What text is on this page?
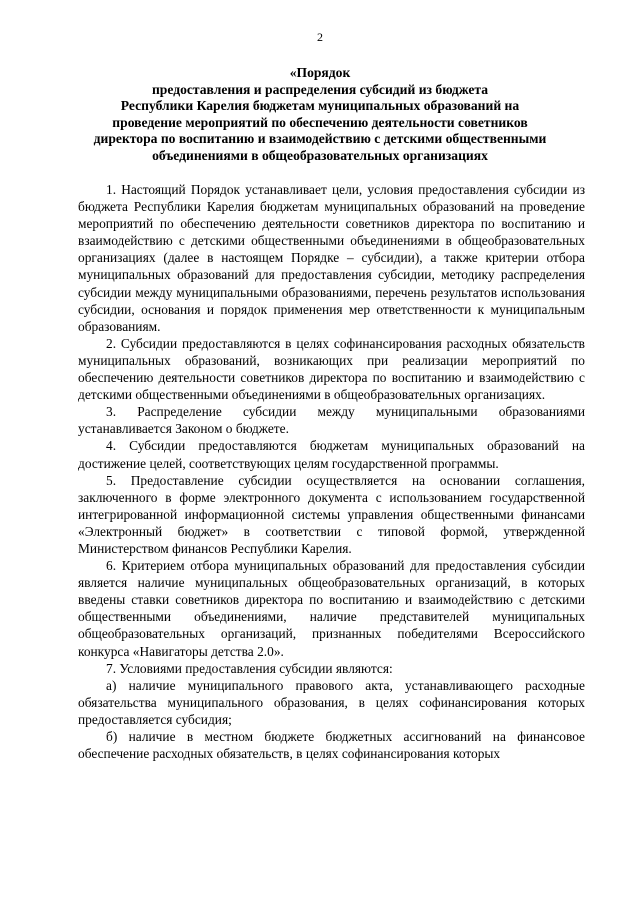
2
«Порядок
предоставления и распределения субсидий из бюджета
Республики Карелия бюджетам муниципальных образований на
проведение мероприятий по обеспечению деятельности советников
директора по воспитанию и взаимодействию с детскими общественными
объединениями в общеобразовательных организациях

1. Настоящий Порядок устанавливает цели, условия предоставления субсидии из бюджета Республики Карелия бюджетам муниципальных образований на проведение мероприятий по обеспечению деятельности советников директора по воспитанию и взаимодействию с детскими общественными объединениями в общеобразовательных организациях (далее в настоящем Порядке – субсидии), а также критерии отбора муниципальных образований для предоставления субсидии, методику распределения субсидии между муниципальными образованиями, перечень результатов использования субсидии, основания и порядок применения мер ответственности к муниципальным образованиям.

2. Субсидии предоставляются в целях софинансирования расходных обязательств муниципальных образований, возникающих при реализации мероприятий по обеспечению деятельности советников директора по воспитанию и взаимодействию с детскими общественными объединениями в общеобразовательных организациях.

3. Распределение субсидии между муниципальными образованиями устанавливается Законом о бюджете.

4. Субсидии предоставляются бюджетам муниципальных образований на достижение целей, соответствующих целям государственной программы.

5. Предоставление субсидии осуществляется на основании соглашения, заключенного в форме электронного документа с использованием государственной интегрированной информационной системы управления общественными финансами «Электронный бюджет» в соответствии с типовой формой, утвержденной Министерством финансов Республики Карелия.

6. Критерием отбора муниципальных образований для предоставления субсидии является наличие муниципальных общеобразовательных организаций, в которых введены ставки советников директора по воспитанию и взаимодействию с детскими общественными объединениями, наличие представителей муниципальных общеобразовательных организаций, признанных победителями Всероссийского конкурса «Навигаторы детства 2.0».

7. Условиями предоставления субсидии являются:

а) наличие муниципального правового акта, устанавливающего расходные обязательства муниципального образования, в целях софинансирования которых предоставляется субсидия;

б) наличие в местном бюджете бюджетных ассигнований на финансовое обеспечение расходных обязательств, в целях софинансирования которых
